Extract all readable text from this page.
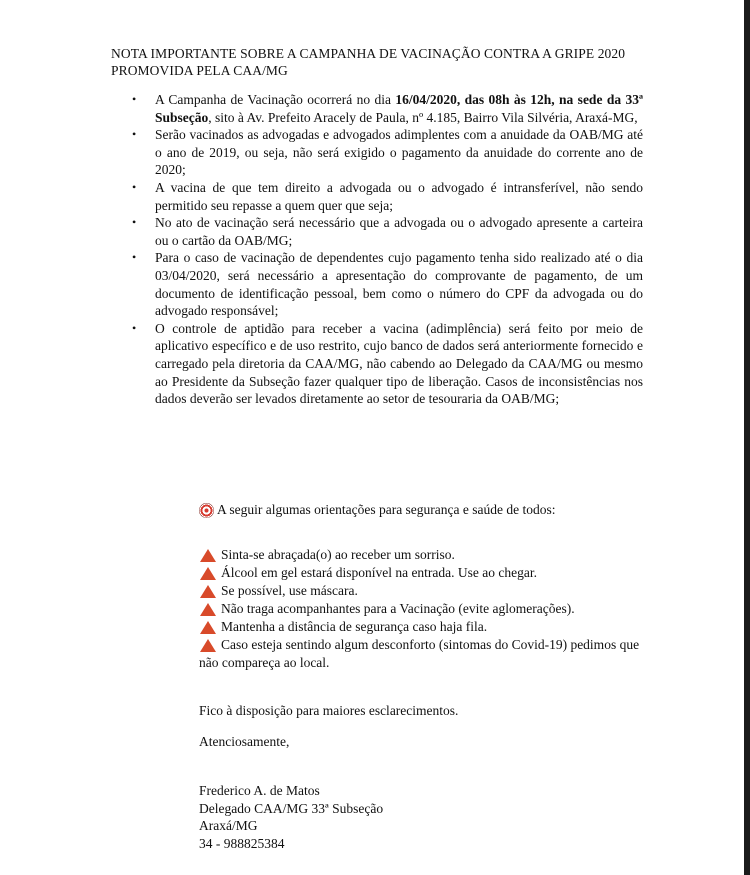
NOTA IMPORTANTE SOBRE A CAMPANHA DE VACINAÇÃO CONTRA A GRIPE 2020
PROMOVIDA PELA CAA/MG
• A Campanha de Vacinação ocorrerá no dia 16/04/2020, das 08h às 12h, na sede da 33ª Subseção, sito à Av. Prefeito Aracely de Paula, nº 4.185, Bairro Vila Silvéria, Araxá-MG,
• Serão vacinados as advogadas e advogados adimplentes com a anuidade da OAB/MG até o ano de 2019, ou seja, não será exigido o pagamento da anuidade do corrente ano de 2020;
• A vacina de que tem direito a advogada ou o advogado é intransferível, não sendo permitido seu repasse a quem quer que seja;
• No ato de vacinação será necessário que a advogada ou o advogado apresente a carteira ou o cartão da OAB/MG;
• Para o caso de vacinação de dependentes cujo pagamento tenha sido realizado até o dia 03/04/2020, será necessário a apresentação do comprovante de pagamento, de um documento de identificação pessoal, bem como o número do CPF da advogada ou do advogado responsável;
• O controle de aptidão para receber a vacina (adimplência) será feito por meio de aplicativo específico e de uso restrito, cujo banco de dados será anteriormente fornecido e carregado pela diretoria da CAA/MG, não cabendo ao Delegado da CAA/MG ou mesmo ao Presidente da Subseção fazer qualquer tipo de liberação. Casos de inconsistências nos dados deverão ser levados diretamente ao setor de tesouraria da OAB/MG;
A seguir algumas orientações para segurança e saúde de todos:
Sinta-se abraçada(o) ao receber um sorriso.
Álcool em gel estará disponível na entrada. Use ao chegar.
Se possível, use máscara.
Não traga acompanhantes para a Vacinação (evite aglomerações).
Mantenha a distância de segurança caso haja fila.
Caso esteja sentindo algum desconforto (sintomas do Covid-19) pedimos que não compareça ao local.

Fico à disposição para maiores esclarecimentos.

Atenciosamente,

Frederico A. de Matos

Delegado CAA/MG 33ª Subseção

Araxá/MG

34 - 988825384
